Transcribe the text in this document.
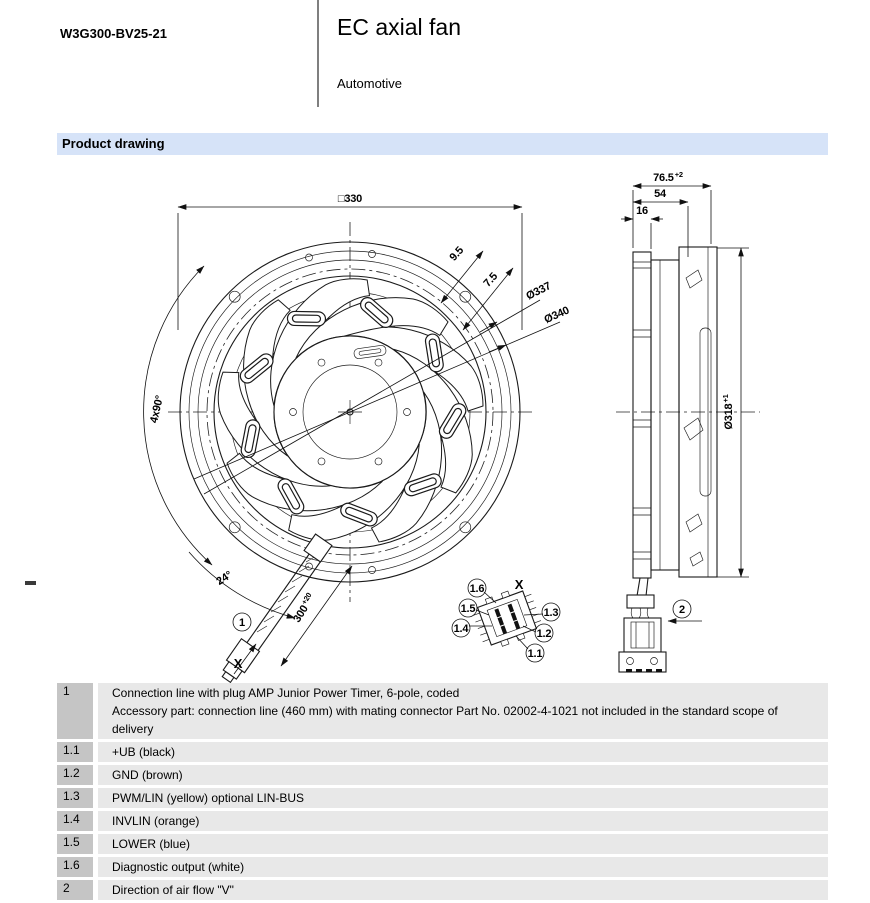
W3G300-BV25-21	EC axial fan
Automotive
Product drawing
□330
4x90°
9.5
7.5
Ø337
Ø340
$300^{+20}$
24°
1
X
1.6
1.5
1.4
1.3
1.2
1.1
X
$76.5^{+2}$
54
16
$Ø318^{+1}$
2
1	Connection line with plug AMP Junior Power Timer, 6-pole, coded
Accessory part: connection line (460 mm) with mating connector Part No. 02002-4-1021 not included in the standard scope of delivery
1.1	+UB (black)
1.2	GND (brown)
1.3	PWM/LIN (yellow) optional LIN-BUS
1.4	INVLIN (orange)
1.5	LOWER (blue)
1.6	Diagnostic output (white)
2	Direction of air flow "V"
